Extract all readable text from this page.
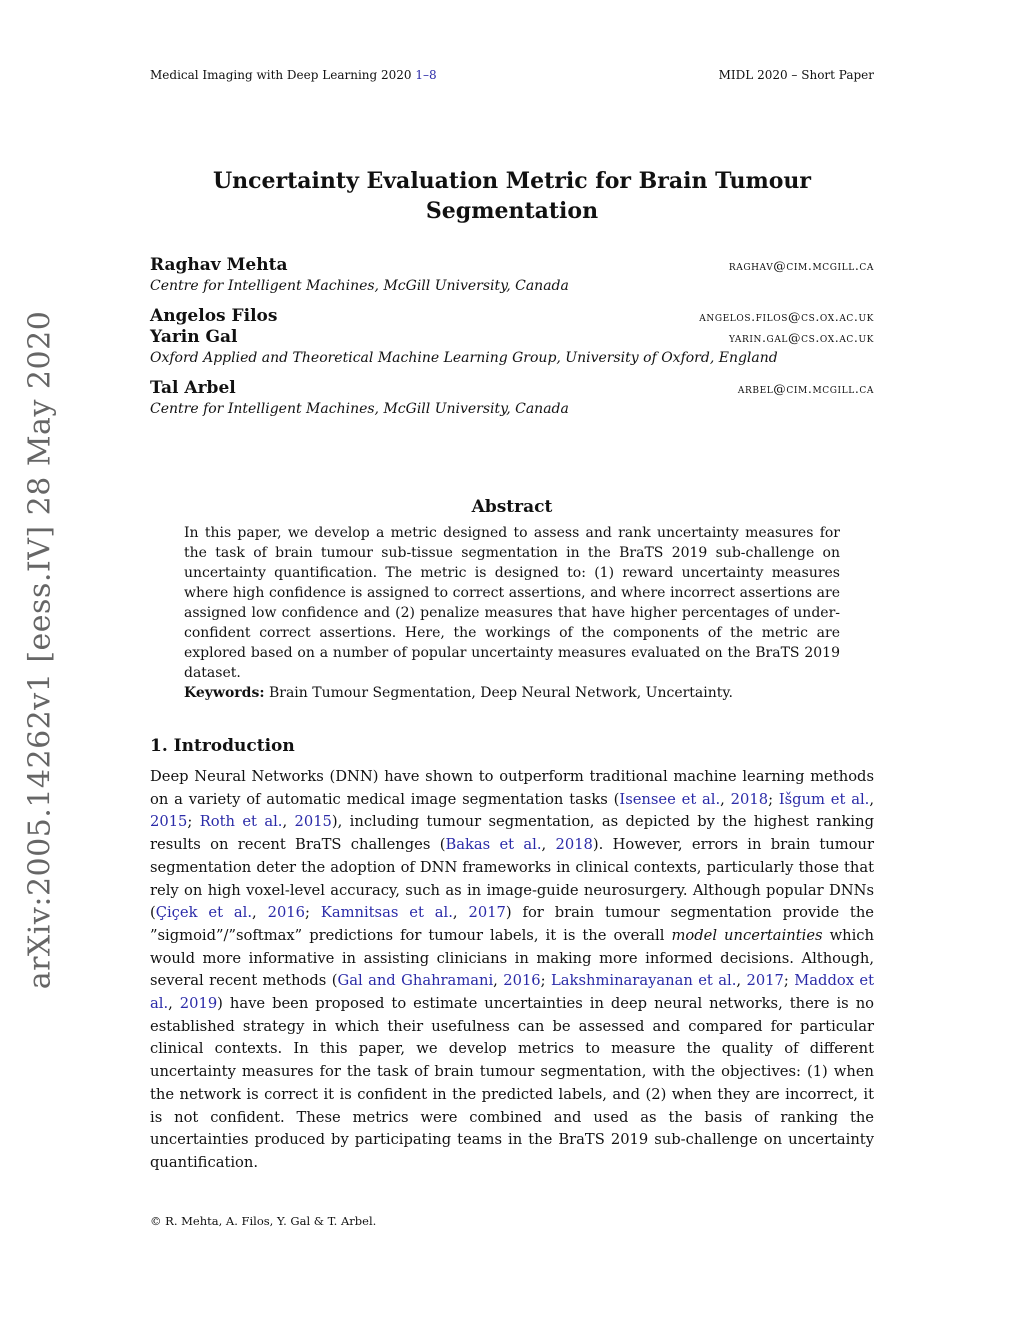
Medical Imaging with Deep Learning 2020 1–8	MIDL 2020 – Short Paper
arXiv:2005.14262v1 [eess.IV] 28 May 2020
Uncertainty Evaluation Metric for Brain Tumour
Segmentation
Raghav Mehta	raghav@cim.mcgill.ca
Centre for Intelligent Machines, McGill University, Canada
Angelos Filos	angelos.filos@cs.ox.ac.uk
Yarin Gal	yarin.gal@cs.ox.ac.uk
Oxford Applied and Theoretical Machine Learning Group, University of Oxford, England
Tal Arbel	arbel@cim.mcgill.ca
Centre for Intelligent Machines, McGill University, Canada
Abstract

In this paper, we develop a metric designed to assess and rank uncertainty measures for the task of brain tumour sub-tissue segmentation in the BraTS 2019 sub-challenge on uncertainty quantification. The metric is designed to: (1) reward uncertainty measures where high confidence is assigned to correct assertions, and where incorrect assertions are assigned low confidence and (2) penalize measures that have higher percentages of under-confident correct assertions. Here, the workings of the components of the metric are explored based on a number of popular uncertainty measures evaluated on the BraTS 2019 dataset.

Keywords: Brain Tumour Segmentation, Deep Neural Network, Uncertainty.

1. Introduction

Deep Neural Networks (DNN) have shown to outperform traditional machine learning methods on a variety of automatic medical image segmentation tasks (Isensee et al., 2018; Išgum et al., 2015; Roth et al., 2015), including tumour segmentation, as depicted by the highest ranking results on recent BraTS challenges (Bakas et al., 2018). However, errors in brain tumour segmentation deter the adoption of DNN frameworks in clinical contexts, particularly those that rely on high voxel-level accuracy, such as in image-guide neurosurgery. Although popular DNNs (Çiçek et al., 2016; Kamnitsas et al., 2017) for brain tumour segmentation provide the ”sigmoid”/”softmax” predictions for tumour labels, it is the overall model uncertainties which would more informative in assisting clinicians in making more informed decisions. Although, several recent methods (Gal and Ghahramani, 2016; Lakshminarayanan et al., 2017; Maddox et al., 2019) have been proposed to estimate uncertainties in deep neural networks, there is no established strategy in which their usefulness can be assessed and compared for particular clinical contexts. In this paper, we develop metrics to measure the quality of different uncertainty measures for the task of brain tumour segmentation, with the objectives: (1) when the network is correct it is confident in the predicted labels, and (2) when they are incorrect, it is not confident. These metrics were combined and used as the basis of ranking the uncertainties produced by participating teams in the BraTS 2019 sub-challenge on uncertainty quantification.

© R. Mehta, A. Filos, Y. Gal & T. Arbel.
